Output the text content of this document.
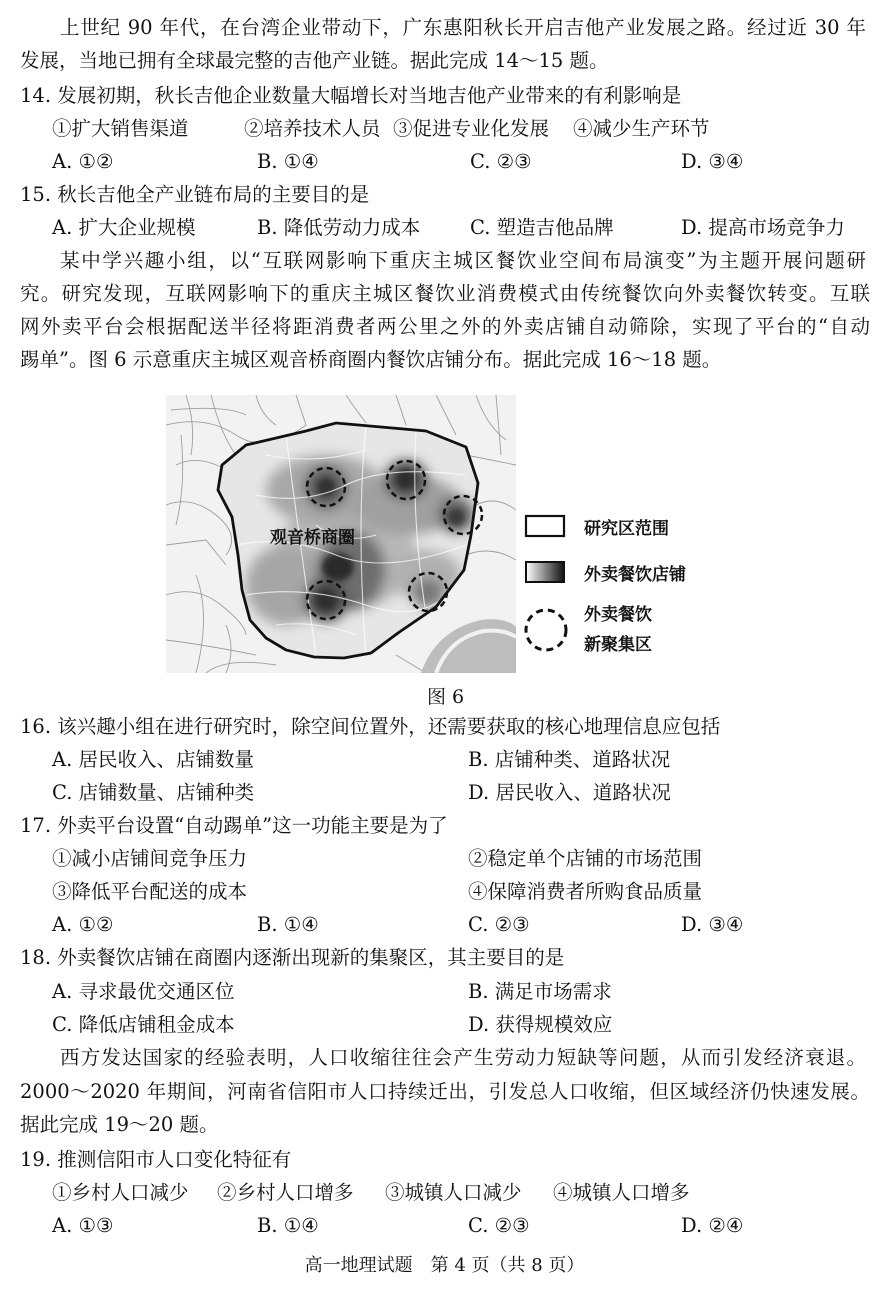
上世纪 90 年代，在台湾企业带动下，广东惠阳秋长开启吉他产业发展之路。经过近 30 年
发展，当地已拥有全球最完整的吉他产业链。据此完成 14～15 题。
14. 发展初期，秋长吉他企业数量大幅增长对当地吉他产业带来的有利影响是
①扩大销售渠道	②培养技术人员 ③促进专业化发展 ④减少生产环节
A. ①②	B. ①④	C. ②③	D. ③④
15. 秋长吉他全产业链布局的主要目的是
A. 扩大企业规模	B. 降低劳动力成本	C. 塑造吉他品牌	D. 提高市场竞争力
某中学兴趣小组，以“互联网影响下重庆主城区餐饮业空间布局演变”为主题开展问题研
究。研究发现，互联网影响下的重庆主城区餐饮业消费模式由传统餐饮向外卖餐饮转变。互联
网外卖平台会根据配送半径将距消费者两公里之外的外卖店铺自动筛除，实现了平台的“自动
踢单”。图 6 示意重庆主城区观音桥商圈内餐饮店铺分布。据此完成 16～18 题。
观音桥商圈	研究区范围
外卖餐饮店铺
外卖餐饮
新聚集区
图 6
16. 该兴趣小组在进行研究时，除空间位置外，还需要获取的核心地理信息应包括
A. 居民收入、店铺数量	B. 店铺种类、道路状况
C. 店铺数量、店铺种类	D. 居民收入、道路状况
17. 外卖平台设置“自动踢单”这一功能主要是为了
①减小店铺间竞争压力	②稳定单个店铺的市场范围
③降低平台配送的成本	④保障消费者所购食品质量
A. ①②	B. ①④	C. ②③	D. ③④
18. 外卖餐饮店铺在商圈内逐渐出现新的集聚区，其主要目的是
A. 寻求最优交通区位	B. 满足市场需求
C. 降低店铺租金成本	D. 获得规模效应
西方发达国家的经验表明，人口收缩往往会产生劳动力短缺等问题，从而引发经济衰退。
2000～2020 年期间，河南省信阳市人口持续迁出，引发总人口收缩，但区域经济仍快速发展。
据此完成 19～20 题。
19. 推测信阳市人口变化特征有
①乡村人口减少 ②乡村人口增多 ③城镇人口减少 ④城镇人口增多
A. ①③	B. ①④	C. ②③	D. ②④
高一地理试题　第 4 页（共 8 页）
